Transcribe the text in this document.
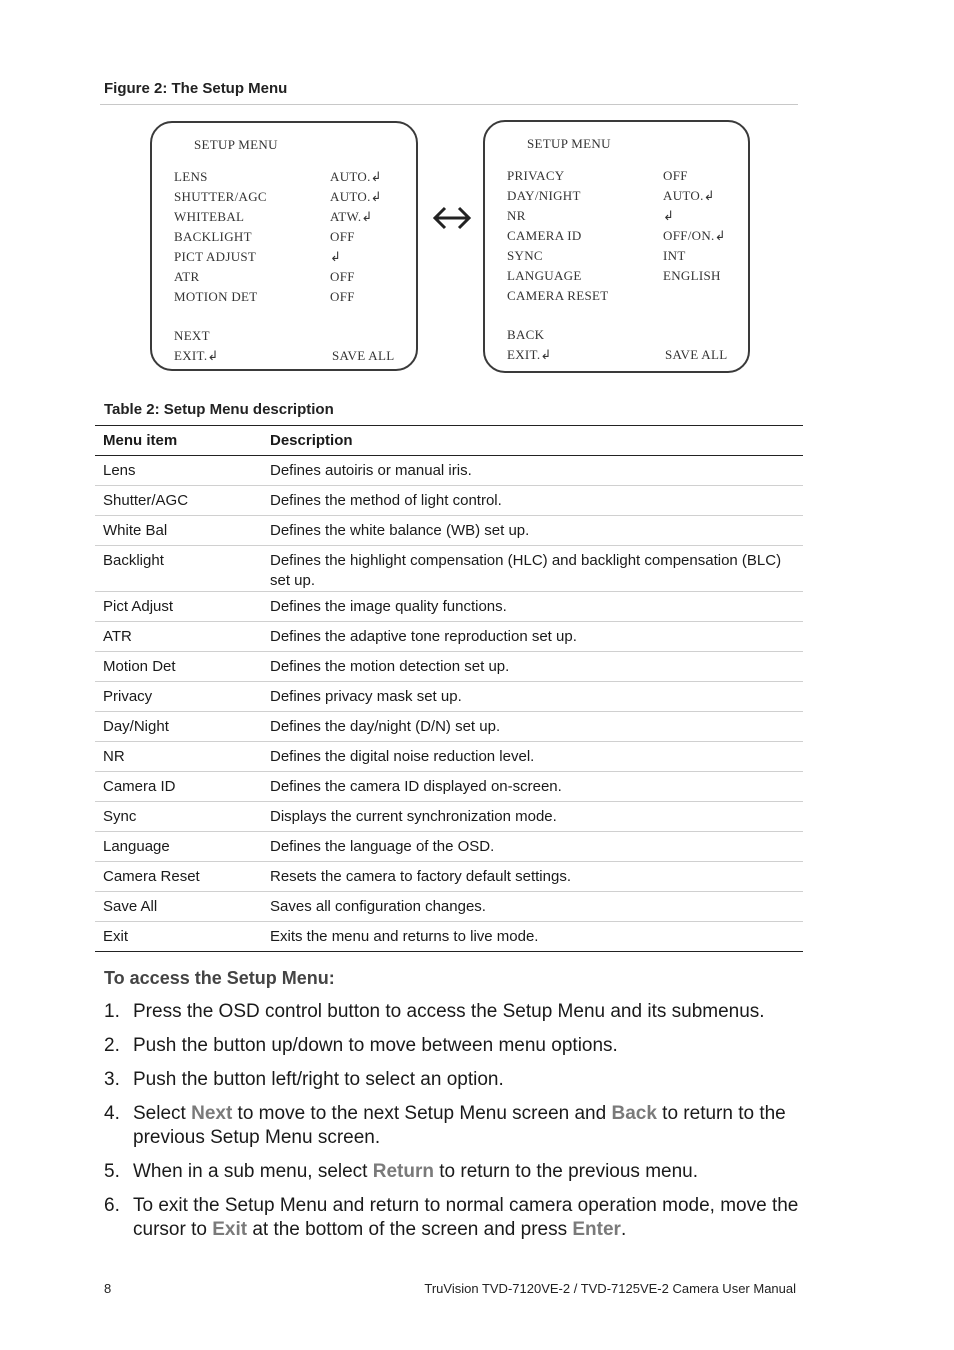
Figure 2: The Setup Menu
SETUP MENU
LENS	AUTO.↲
SHUTTER/AGC	AUTO.↲
WHITEBAL	ATW.↲
BACKLIGHT	OFF
PICT ADJUST	↲
ATR	OFF
MOTION DET	OFF
NEXT
EXIT.↲	SAVE ALL
SETUP MENU
PRIVACY	OFF
DAY/NIGHT	AUTO.↲
NR	↲
CAMERA ID	OFF/ON.↲
SYNC	INT
LANGUAGE	ENGLISH
CAMERA RESET
BACK
EXIT.↲	SAVE ALL
Table 2: Setup Menu description
Menu item	Description
Lens	Defines autoiris or manual iris.
Shutter/AGC	Defines the method of light control.
White Bal	Defines the white balance (WB) set up.
Backlight	Defines the highlight compensation (HLC) and backlight compensation (BLC) set up.
Pict Adjust	Defines the image quality functions.
ATR	Defines the adaptive tone reproduction set up.
Motion Det	Defines the motion detection set up.
Privacy	Defines privacy mask set up.
Day/Night	Defines the day/night (D/N) set up.
NR	Defines the digital noise reduction level.
Camera ID	Defines the camera ID displayed on-screen.
Sync	Displays the current synchronization mode.
Language	Defines the language of the OSD.
Camera Reset	Resets the camera to factory default settings.
Save All	Saves all configuration changes.
Exit	Exits the menu and returns to live mode.
To access the Setup Menu:
1. Press the OSD control button to access the Setup Menu and its submenus.
2. Push the button up/down to move between menu options.
3. Push the button left/right to select an option.
4. Select Next to move to the next Setup Menu screen and Back to return to the previous Setup Menu screen.
5. When in a sub menu, select Return to return to the previous menu.
6. To exit the Setup Menu and return to normal camera operation mode, move the cursor to Exit at the bottom of the screen and press Enter.
8	TruVision TVD-7120VE-2 / TVD-7125VE-2 Camera User Manual
